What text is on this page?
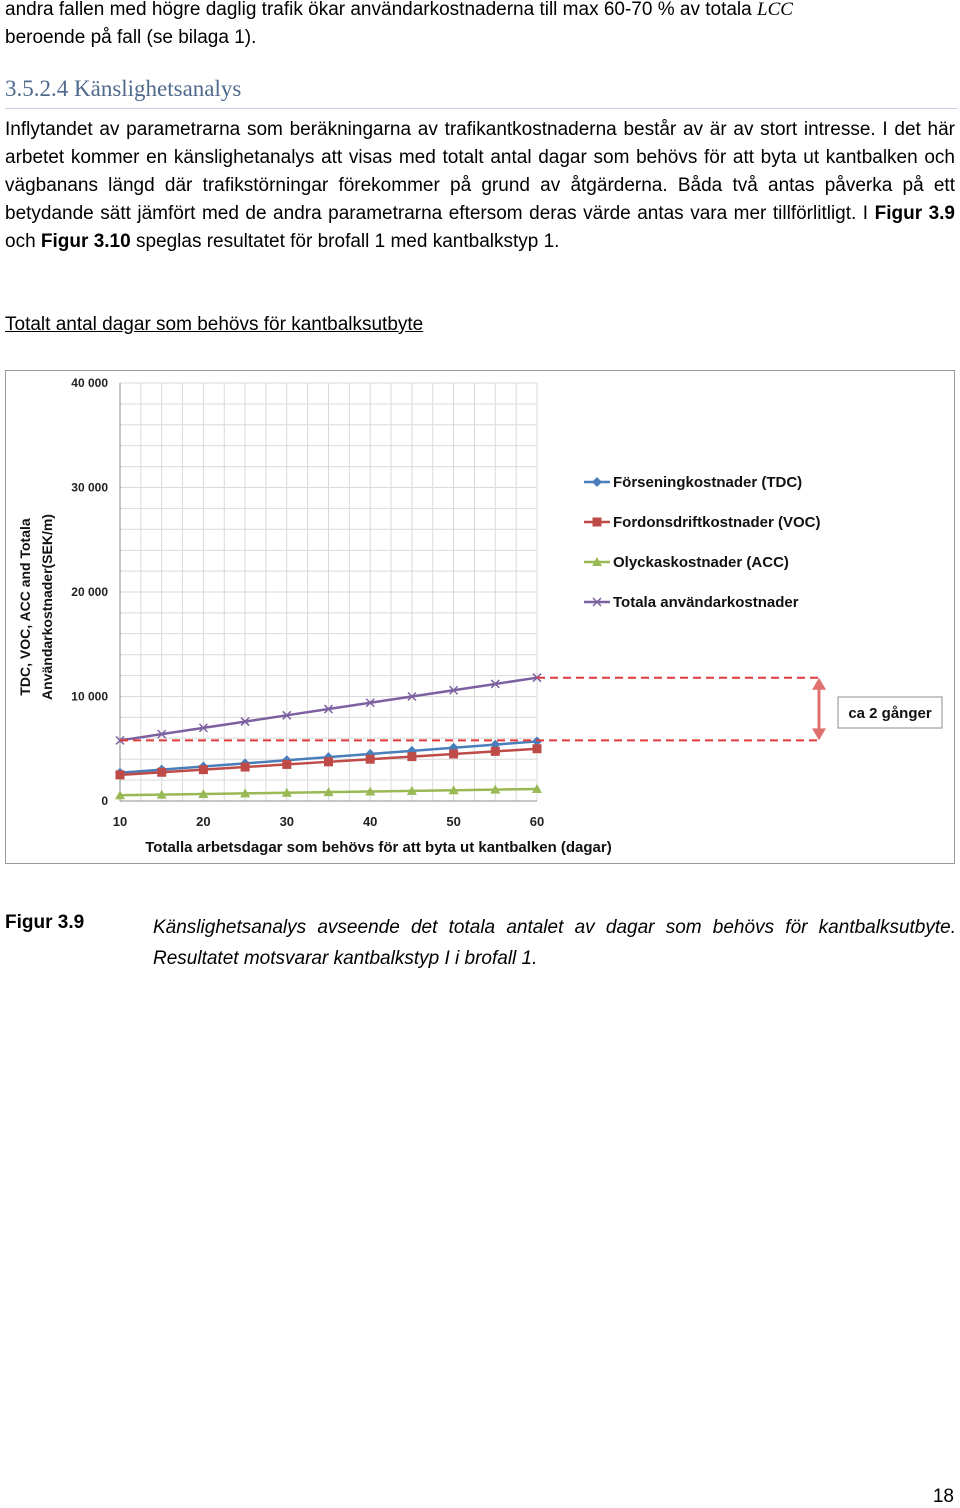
andra fallen med högre daglig trafik ökar användarkostnaderna till max 60-70 % av totala LCC
beroende på fall (se bilaga 1).

3.5.2.4 Känslighetsanalys

Inflytandet av parametrarna som beräkningarna av trafikantkostnaderna består av är av stort intresse. I det här arbetet kommer en känslighetanalys att visas med totalt antal dagar som behövs för att byta ut kantbalken och vägbanans längd där trafikstörningar förekommer på grund av åtgärderna. Båda två antas påverka på ett betydande sätt jämfört med de andra parametrarna eftersom deras värde antas vara mer tillförlitligt. I Figur 3.9 och Figur 3.10 speglas resultatet för brofall 1 med kantbalkstyp 1.

Totalt antal dagar som behövs för kantbalksutbyte
0
10 000
20 000
30 000
40 000
10	20	30	40	50	60
Totalla arbetsdagar som behövs för att byta ut kantbalken (dagar)
TDC, VOC, ACC and Totala Användarkostnader(SEK/m)
Förseningkostnader (TDC)
Fordonsdriftkostnader (VOC)
Olyckaskostnader (ACC)
Totala användarkostnader
ca 2 gånger
Figur 3.9	Känslighetsanalys avseende det totala antalet av dagar som behövs för kantbalksutbyte. Resultatet motsvarar kantbalkstyp I i brofall 1.
18
